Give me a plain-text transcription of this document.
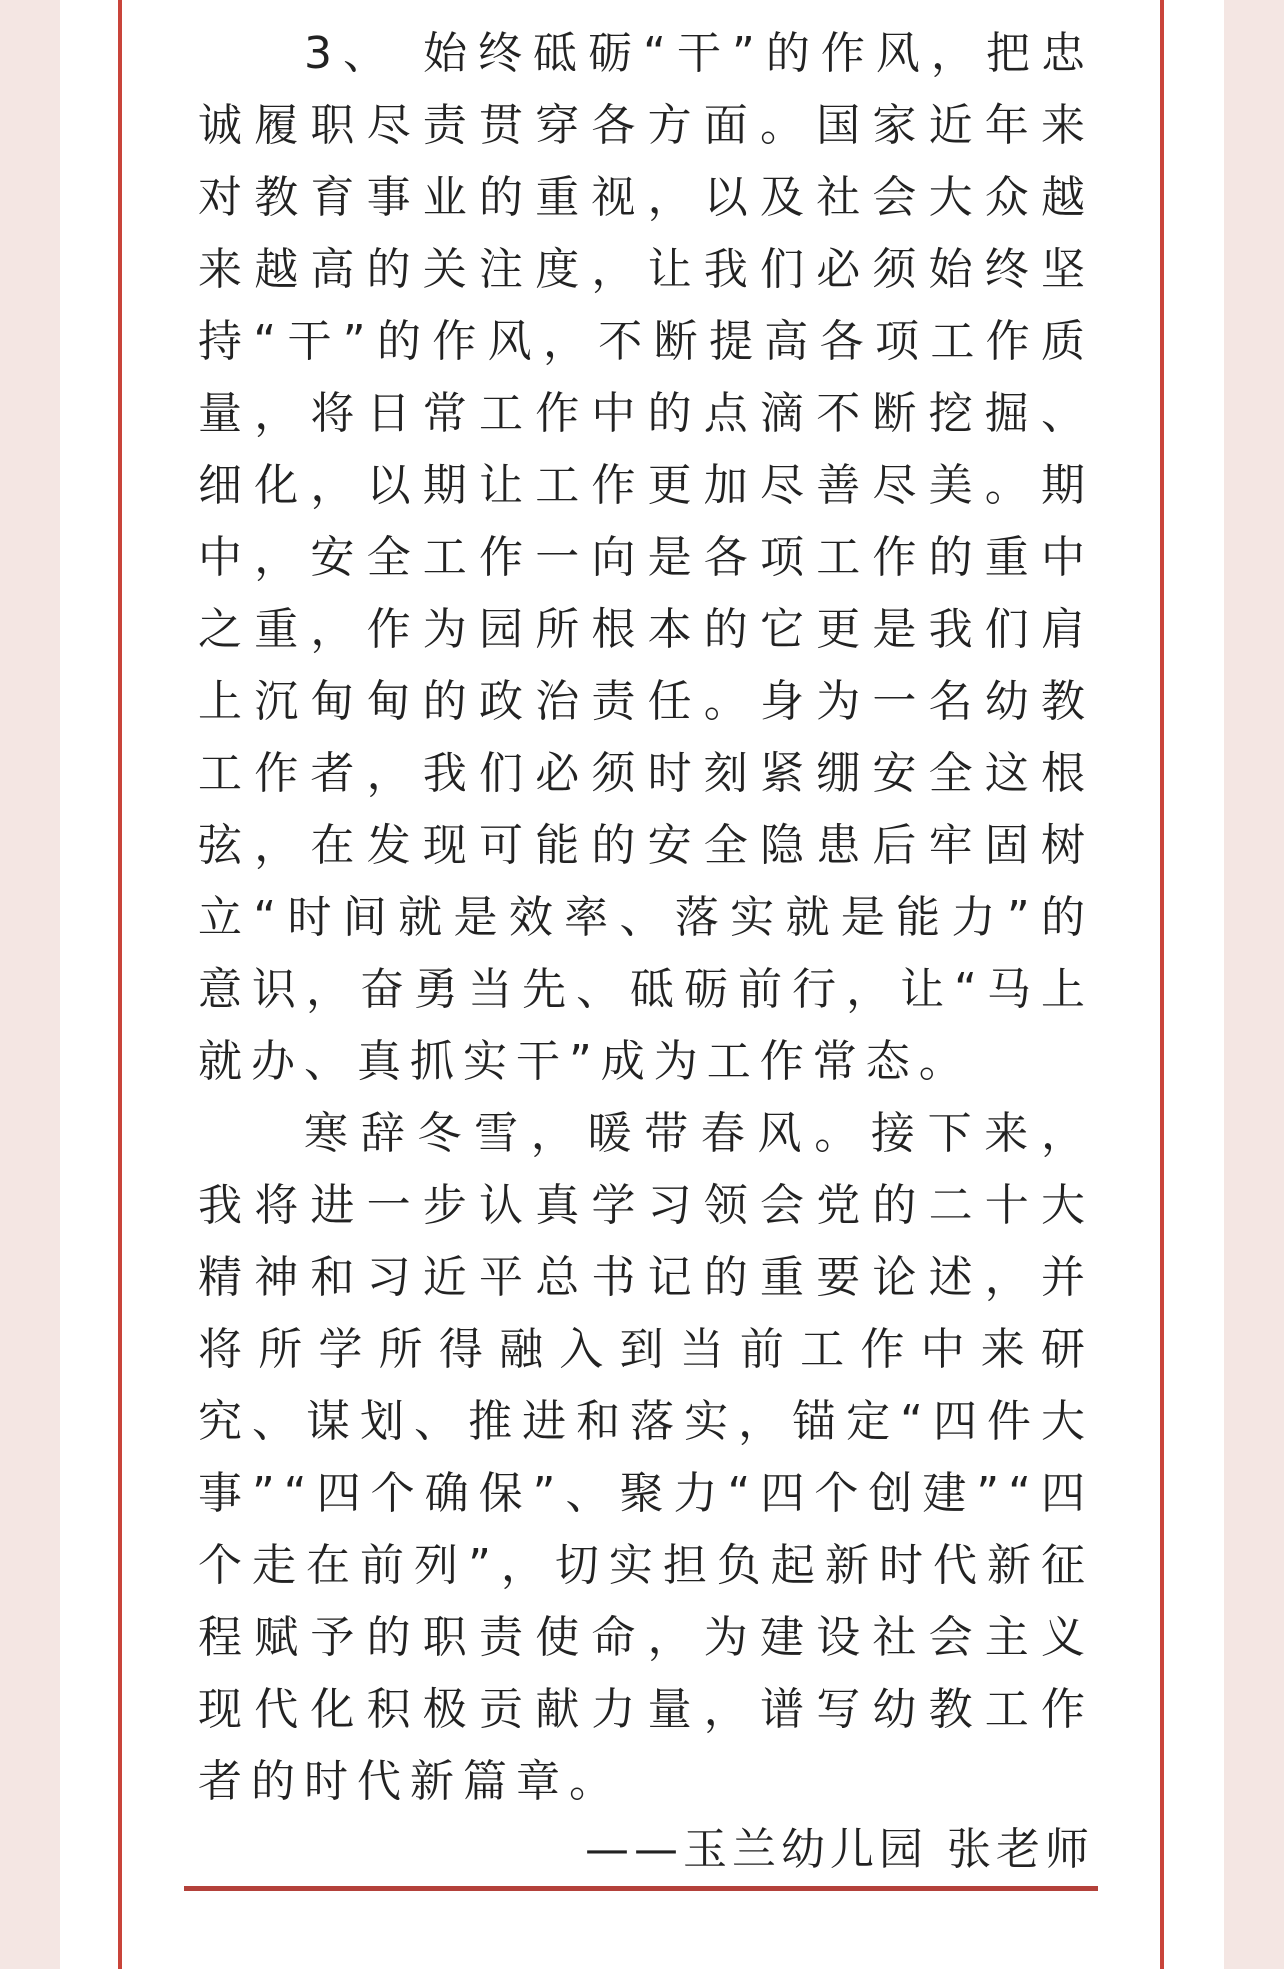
3、 始终砥砺“干”的作风，把忠诚履职尽责贯穿各方面。国家近年来对教育事业的重视，以及社会大众越来越高的关注度，让我们必须始终坚持“干”的作风，不断提高各项工作质量，将日常工作中的点滴不断挖掘、细化，以期让工作更加尽善尽美。期中，安全工作一向是各项工作的重中之重，作为园所根本的它更是我们肩上沉甸甸的政治责任。身为一名幼教工作者，我们必须时刻紧绷安全这根弦，在发现可能的安全隐患后牢固树立“时间就是效率、落实就是能力”的意识，奋勇当先、砥砺前行，让“马上就办、真抓实干”成为工作常态。

寒辞冬雪，暖带春风。接下来，我将进一步认真学习领会党的二十大精神和习近平总书记的重要论述，并将所学所得融入到当前工作中来研究、谋划、推进和落实，锚定“四件大事”“四个确保”、聚力“四个创建”“四个走在前列”，切实担负起新时代新征程赋予的职责使命，为建设社会主义现代化积极贡献力量，谱写幼教工作者的时代新篇章。

——玉兰幼儿园 张老师
